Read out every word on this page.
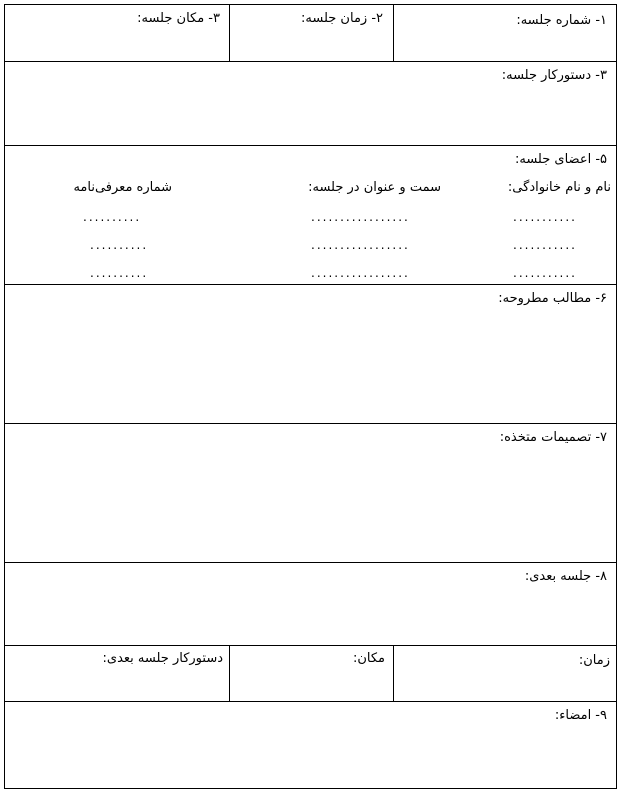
۱- شماره جلسه:
۲- زمان جلسه:
۳- مکان جلسه:
۳- دستورکار جلسه:
۵- اعضای جلسه:
نام و نام خانوادگی:
سمت و عنوان در جلسه:
شماره معرفی‌نامه
...........
.................
..........
...........
.................
..........
...........
.................
..........
۶- مطالب مطروحه:
۷- تصمیمات متخذه:
۸- جلسه بعدی:
زمان:
مکان:
دستورکار جلسه بعدی:
۹- امضاء:
